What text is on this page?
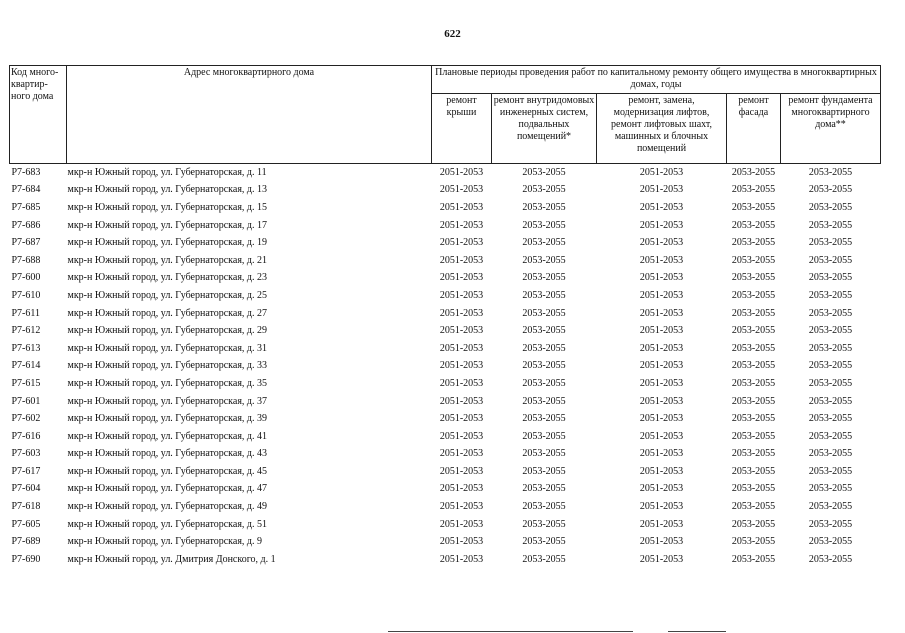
622
Код много-квартир-ного дома	Адрес многоквартирного дома	Плановые периоды проведения работ по капитальному ремонту общего имущества в многоквартирных домах, годы				
		ремонт крыши	ремонт внутридомовых инженерных систем, подвальных помещений*	ремонт, замена, модернизация лифтов, ремонт лифтовых шахт, машинных и блочных помещений	ремонт фасада	ремонт фундамента многоквартирного дома**
Р7-683	мкр-н Южный город, ул. Губернаторская, д. 11	2051-2053	2053-2055	2051-2053	2053-2055	2053-2055
Р7-684	мкр-н Южный город, ул. Губернаторская, д. 13	2051-2053	2053-2055	2051-2053	2053-2055	2053-2055
Р7-685	мкр-н Южный город, ул. Губернаторская, д. 15	2051-2053	2053-2055	2051-2053	2053-2055	2053-2055
Р7-686	мкр-н Южный город, ул. Губернаторская, д. 17	2051-2053	2053-2055	2051-2053	2053-2055	2053-2055
Р7-687	мкр-н Южный город, ул. Губернаторская, д. 19	2051-2053	2053-2055	2051-2053	2053-2055	2053-2055
Р7-688	мкр-н Южный город, ул. Губернаторская, д. 21	2051-2053	2053-2055	2051-2053	2053-2055	2053-2055
Р7-600	мкр-н Южный город, ул. Губернаторская, д. 23	2051-2053	2053-2055	2051-2053	2053-2055	2053-2055
Р7-610	мкр-н Южный город, ул. Губернаторская, д. 25	2051-2053	2053-2055	2051-2053	2053-2055	2053-2055
Р7-611	мкр-н Южный город, ул. Губернаторская, д. 27	2051-2053	2053-2055	2051-2053	2053-2055	2053-2055
Р7-612	мкр-н Южный город, ул. Губернаторская, д. 29	2051-2053	2053-2055	2051-2053	2053-2055	2053-2055
Р7-613	мкр-н Южный город, ул. Губернаторская, д. 31	2051-2053	2053-2055	2051-2053	2053-2055	2053-2055
Р7-614	мкр-н Южный город, ул. Губернаторская, д. 33	2051-2053	2053-2055	2051-2053	2053-2055	2053-2055
Р7-615	мкр-н Южный город, ул. Губернаторская, д. 35	2051-2053	2053-2055	2051-2053	2053-2055	2053-2055
Р7-601	мкр-н Южный город, ул. Губернаторская, д. 37	2051-2053	2053-2055	2051-2053	2053-2055	2053-2055
Р7-602	мкр-н Южный город, ул. Губернаторская, д. 39	2051-2053	2053-2055	2051-2053	2053-2055	2053-2055
Р7-616	мкр-н Южный город, ул. Губернаторская, д. 41	2051-2053	2053-2055	2051-2053	2053-2055	2053-2055
Р7-603	мкр-н Южный город, ул. Губернаторская, д. 43	2051-2053	2053-2055	2051-2053	2053-2055	2053-2055
Р7-617	мкр-н Южный город, ул. Губернаторская, д. 45	2051-2053	2053-2055	2051-2053	2053-2055	2053-2055
Р7-604	мкр-н Южный город, ул. Губернаторская, д. 47	2051-2053	2053-2055	2051-2053	2053-2055	2053-2055
Р7-618	мкр-н Южный город, ул. Губернаторская, д. 49	2051-2053	2053-2055	2051-2053	2053-2055	2053-2055
Р7-605	мкр-н Южный город, ул. Губернаторская, д. 51	2051-2053	2053-2055	2051-2053	2053-2055	2053-2055
Р7-689	мкр-н Южный город, ул. Губернаторская, д. 9	2051-2053	2053-2055	2051-2053	2053-2055	2053-2055
Р7-690	мкр-н Южный город, ул. Дмитрия Донского, д. 1	2051-2053	2053-2055	2051-2053	2053-2055	2053-2055
